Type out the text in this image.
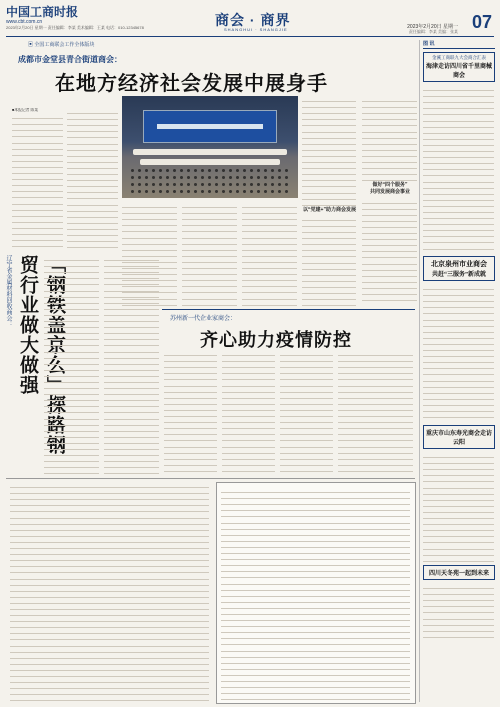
中国工商时报
www.cbt.com.cn
2023年2月20日 星期一 责任编辑：李某 美术编辑：王某 电话：010-12345678	商会 · 商界
SHANGHUI · SHANGJIE	2023年2月20日 星期一
责任编辑：李某 美编：张某 07
▣ 全国工商联会工作全体版块
成都市金堂县青合街道商会：
在地方经济社会发展中展身手
■本报记者 陈某
以“党建+”助力商会发展
做好“四个服务”
共同发展商会事业
辽宁省金属材料回收商会：	「钢铁盖京么」探路钢贸行业做大做强	苏州新一代企业家商会：
齐心助力疫情防控
图 讯
金溪工商联九大会商合汇表
海津走访四川省千里商械商会
北京泉州市业商会
共赶“三服务”新成就
重庆市山东寿光商会走访云阳
四川天冬苑一起到未来
